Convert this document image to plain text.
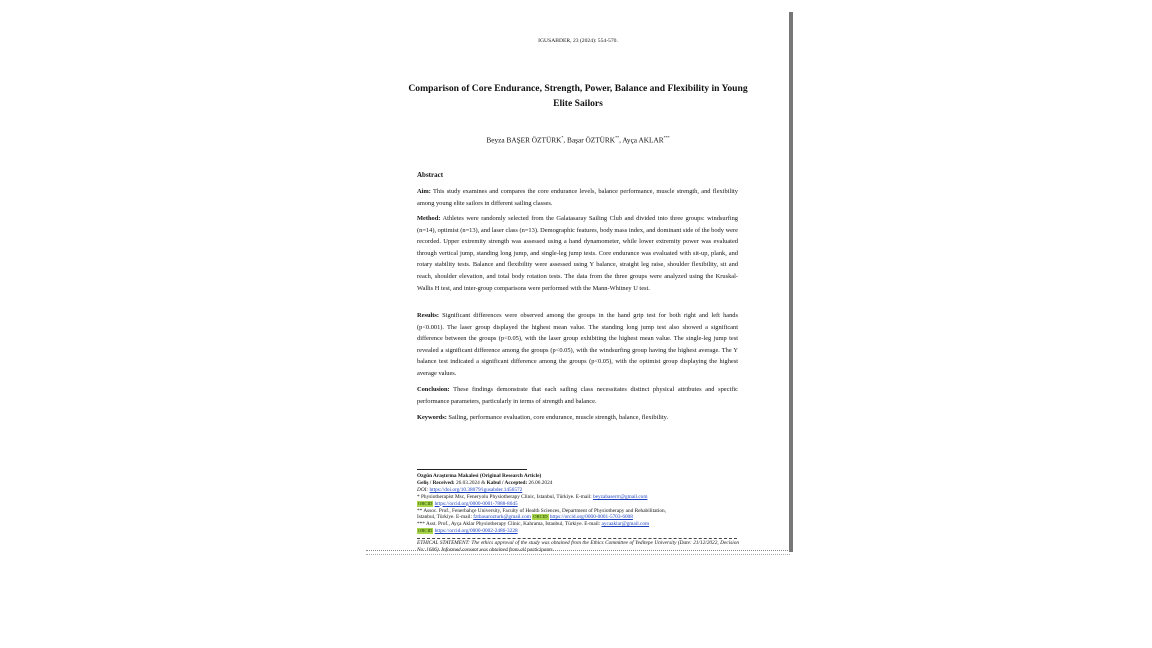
IGUSABDER, 23 (2024): 554-570.
Comparison of Core Endurance, Strength, Power, Balance and Flexibility in Young Elite Sailors
Beyza BAŞER ÖZTÜRK*, Başar ÖZTÜRK**, Ayça AKLAR***
Abstract
Aim: This study examines and compares the core endurance levels, balance performance, muscle strength, and flexibility among young elite sailors in different sailing classes.
Method: Athletes were randomly selected from the Galatasaray Sailing Club and divided into three groups: windsurfing (n=14), optimist (n=13), and laser class (n=13). Demographic features, body mass index, and dominant side of the body were recorded. Upper extremity strength was assessed using a hand dynamometer, while lower extremity power was evaluated through vertical jump, standing long jump, and single-leg jump tests. Core endurance was evaluated with sit-up, plank, and rotary stability tests. Balance and flexibility were assessed using Y balance, straight leg raise, shoulder flexibility, sit and reach, shoulder elevation, and total body rotation tests. The data from the three groups were analyzed using the Kruskal-Wallis H test, and inter-group comparisons were performed with the Mann-Whitney U test.
Results: Significant differences were observed among the groups in the hand grip test for both right and left hands (p<0.001). The laser group displayed the highest mean value. The standing long jump test also showed a significant difference between the groups (p<0.05), with the laser group exhibiting the highest mean value. The single-leg jump test revealed a significant difference among the groups (p<0.05), with the windsurfing group having the highest average. The Y balance test indicated a significant difference among the groups (p<0.05), with the optimist group displaying the highest average values.
Conclusion: These findings demonstrate that each sailing class necessitates distinct physical attributes and specific performance parameters, particularly in terms of strength and balance.
Keywords: Sailing, performance evaluation, core endurance, muscle strength, balance, flexibility.
Özgün Araştırma Makalesi (Original Research Article)
Geliş / Received: 26.03.2024 & Kabul / Accepted: 26.06.2024
DOI: https://doi.org/10.38079/igusabder.1456572
* Physiotherapist Msc, Feneryolu Physiotherapy Clinic, İstanbul, Türkiye. E-mail: beyzabaserrr@gmail.com
ORCID https://orcid.org/0000-0001-7888-8045
** Assoc. Prof., Fenerbahçe University, Faculty of Health Sciences, Department of Physiotherapy and Rehabilitation,
İstanbul, Türkiye. E-mail: fztbasarozturk@gmail.com ORCID https://orcid.org/0000-0001-5703-6008
*** Asst. Prof., Ayça Aklar Physiotherapy Clinic, Kahrama, İstanbul, Türkiye. E-mail: aycaaklar@gmail.com
ORCID https://orcid.org/0000-0002-2486-3228
ETHICAL STATEMENT: The ethics approval of the study was obtained from the Ethics Committee of Yeditepe University (Date: 21/12/2022, Decision No: 1606). Informed consent was obtained from all participants.
